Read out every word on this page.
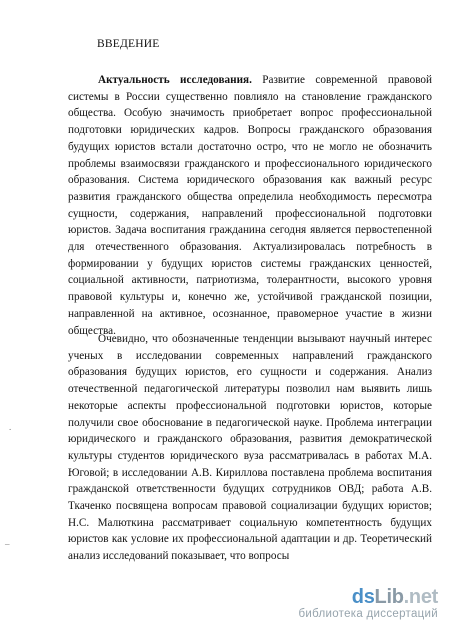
ВВЕДЕНИЕ

Актуальность исследования. Развитие современной правовой системы в России существенно повлияло на становление гражданского общества. Особую значимость приобретает вопрос профессиональной подготовки юридических кадров. Вопросы гражданского образования будущих юристов встали достаточно остро, что не могло не обозначить проблемы взаимосвязи гражданского и профессионального юридического образования. Система юридического образования как важный ресурс развития гражданского общества определила необходимость пересмотра сущности, содержания, направлений профессиональной подготовки юристов. Задача воспитания гражданина сегодня является первостепенной для отечественного образования. Актуализировалась потребность в формировании у будущих юристов системы гражданских ценностей, социальной активности, патриотизма, толерантности, высокого уровня правовой культуры и, конечно же, устойчивой гражданской позиции, направленной на активное, осознанное, правомерное участие в жизни общества.

Очевидно, что обозначенные тенденции вызывают научный интерес ученых в исследовании современных направлений гражданского образования будущих юристов, его сущности и содержания. Анализ отечественной педагогической литературы позволил нам выявить лишь некоторые аспекты профессиональной подготовки юристов, которые получили свое обоснование в педагогической науке. Проблема интеграции юридического и гражданского образования, развития демократической культуры студентов юридического вуза рассматривалась в работах М.А. Юговой; в исследовании А.В. Кириллова поставлена проблема воспитания гражданской ответственности будущих сотрудников ОВД; работа А.В. Ткаченко посвящена вопросам правовой социализации будущих юристов; Н.С. Малюткина рассматривает социальную компетентность будущих юристов как условие их профессиональной адаптации и др. Теоретический анализ исследований показывает, что вопросы

.
–
dsLib.net
библиотека диссертаций
